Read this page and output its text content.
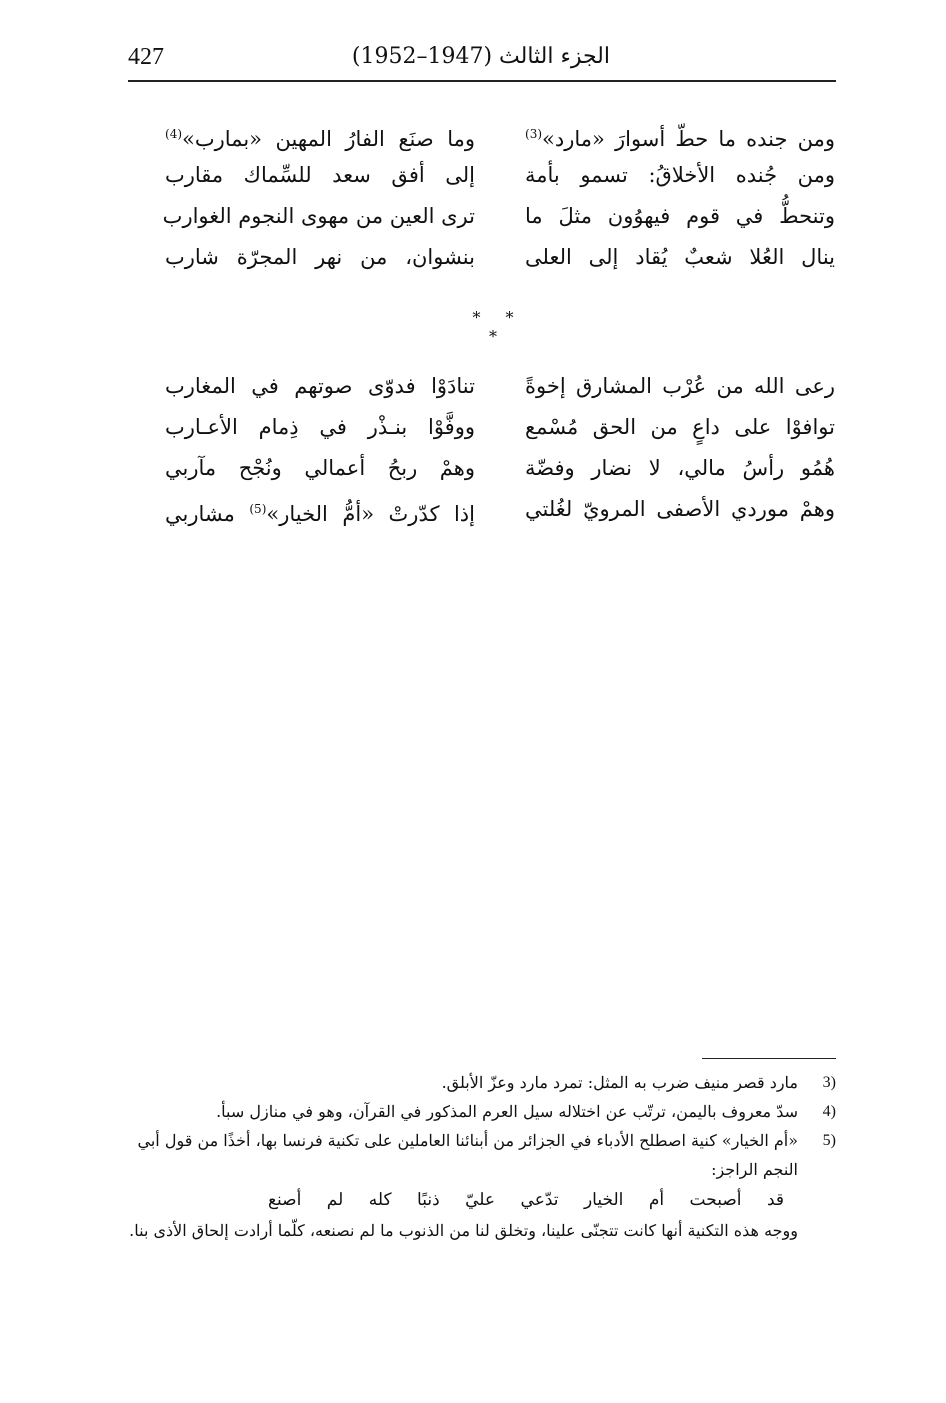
427	الجزء الثالث (1947–1952)
ومن جنده ما حطّ أسوارَ «مارد»$^{(3)}$
وما صنَع الفارُ المهين «بمارب»$^{(4)}$
ومن جُنده الأخلاقُ: تسمو بأمة
إلى أفق سعد للسِّماك مقارب
وتنحطُّ في قوم فيهوُون مثلَ ما
ترى العين من مهوى النجوم الغوارب
ينال العُلا شعبٌ يُقاد إلى العلى
بنشوان، من نهر المجرّة شارب
* * *
رعى الله من عُرْب المشارق إخوةً
تنادَوْا فدوّى صوتهم في المغارب
توافوْا على داعٍ من الحق مُسْمع
ووفَّوْا بنـذْر في ذِمام الأعـارب
هُمُو رأسُ مالي، لا نضار وفضّة
وهمْ ربحُ أعمالي ونُجْح مآربي
وهمْ موردي الأصفى المرويّ لغُلتي
إذا كدّرتْ «أمُّ الخيار»$^{(5)}$ مشاربي
3)
مارد قصر منيف ضرب به المثل: تمرد مارد وعزّ الأبلق.
4)
سدّ معروف باليمن، ترتّب عن اختلاله سيل العرم المذكور في القرآن، وهو في منازل سبأ.
5)
«أم الخيار» كنية اصطلح الأدباء في الجزائر من أبنائنا العاملين على تكنية فرنسا بها، أخذًا من قول أبي النجم الراجز:

قد أصبحت أم الخيار تدّعي عليّ ذنبًا كله لم أصنع

ووجه هذه التكنية أنها كانت تتجنّى علينا، وتخلق لنا من الذنوب ما لم نصنعه، كلّما أرادت إلحاق الأذى بنا.
